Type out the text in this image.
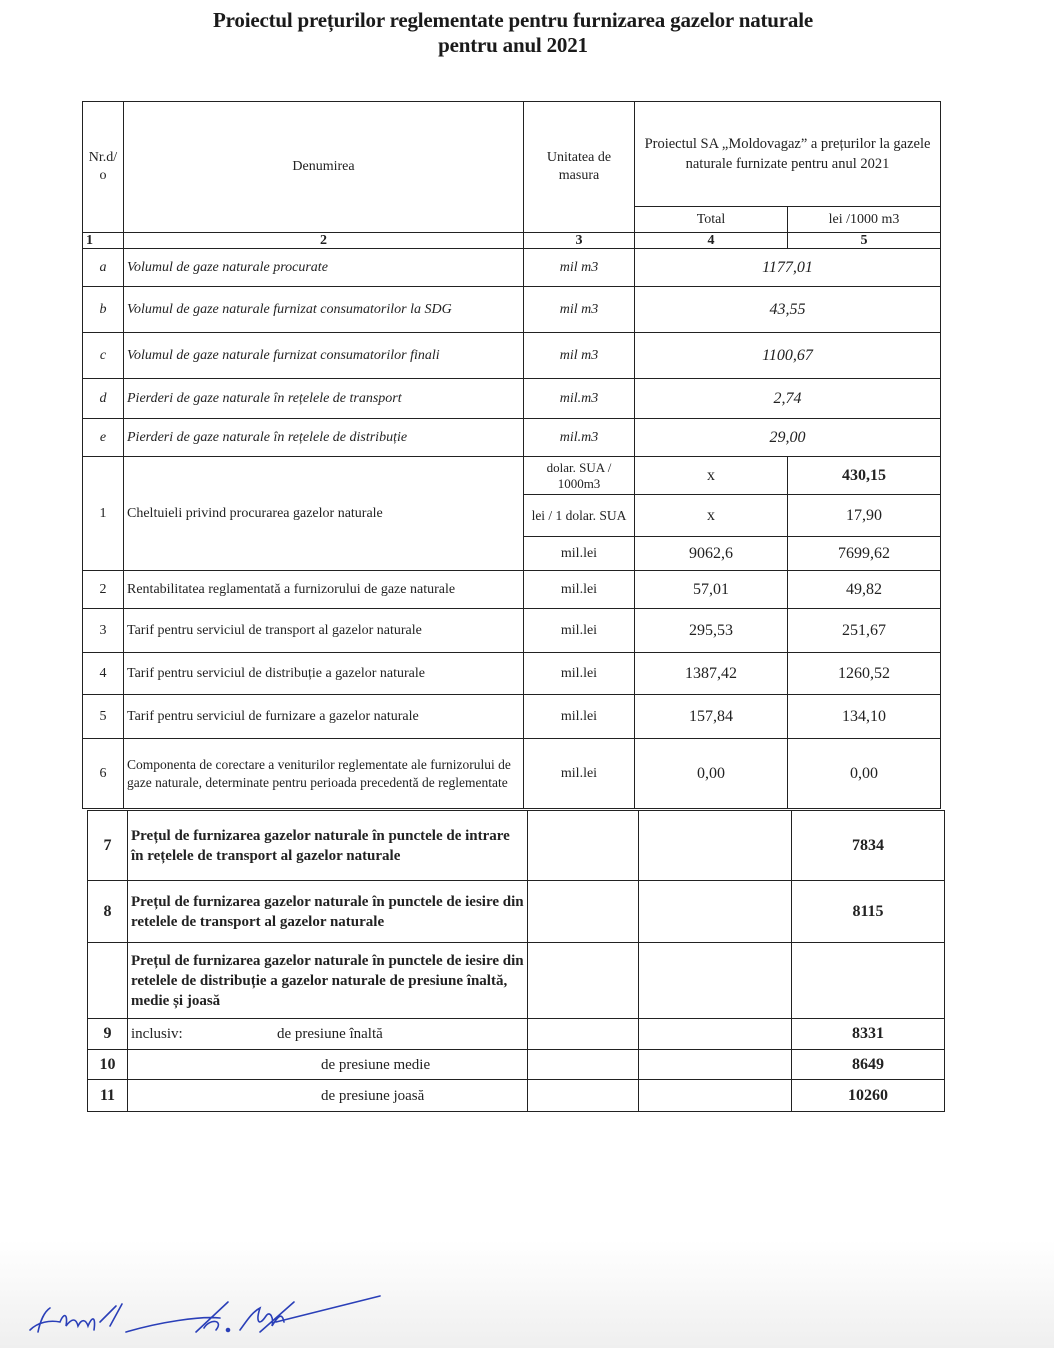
Proiectul prețurilor reglementate pentru furnizarea gazelor naturale
pentru anul 2021
Nr.d/ o	Denumirea	Unitatea de masura	Proiectul SA „Moldovagaz” a prețurilor la gazele naturale furnizate pentru anul 2021	
			Total	lei /1000 m3
1	2	3	4	5
a	Volumul de gaze naturale procurate	mil m3	1177,01	
b	Volumul de gaze naturale furnizat consumatorilor la SDG	mil m3	43,55	
c	Volumul de gaze naturale furnizat consumatorilor finali	mil m3	1100,67	
d	Pierderi de gaze naturale în rețelele de transport	mil.m3	2,74	
e	Pierderi de gaze naturale în rețelele de distribuție	mil.m3	29,00	
1	Cheltuieli privind procurarea gazelor naturale	dolar. SUA / 1000m3	x	430,15
		lei / 1 dolar. SUA	x	17,90
		mil.lei	9062,6	7699,62
2	Rentabilitatea reglamentată a furnizorului de gaze naturale	mil.lei	57,01	49,82
3	Tarif pentru serviciul de transport al gazelor naturale	mil.lei	295,53	251,67
4	Tarif pentru serviciul de distribuție a gazelor naturale	mil.lei	1387,42	1260,52
5	Tarif pentru serviciul de furnizare a gazelor naturale	mil.lei	157,84	134,10
6	Componenta de corectare a veniturilor reglementate ale furnizorului de gaze naturale, determinate pentru perioada precedentă de reglementate	mil.lei	0,00	0,00
7	Prețul de furnizarea gazelor naturale în punctele de intrare în rețelele de transport al gazelor naturale			7834
8	Prețul de furnizarea gazelor naturale în punctele de iesire din retelele de transport al gazelor naturale			8115
	Prețul de furnizarea gazelor naturale în punctele de iesire din retelele de distribuție a gazelor naturale de presiune înaltă, medie și joasă			
9	inclusiv: de presiune înaltă			8331
10	de presiune medie			8649
11	de presiune joasă			10260
